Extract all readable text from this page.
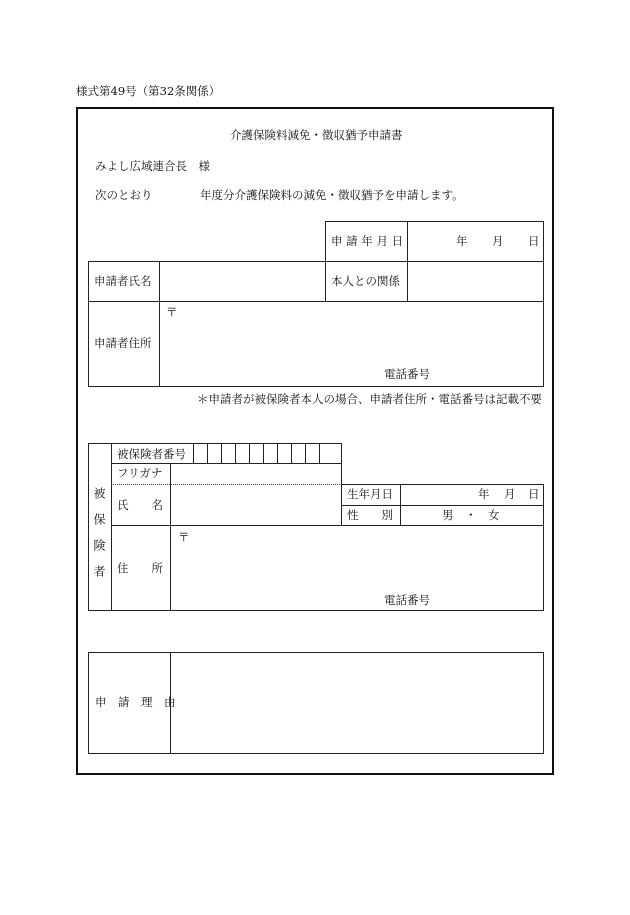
様式第49号（第32条関係）
介護保険料減免・徴収猶予申請書
みよし広域連合長　様
次のとおり	年度分介護保険料の減免・徴収猶予を申請します。
申 請 年 月 日	年 月 日
申請者氏名	本人との関係
申請者住所
〒
電話番号
＊申請者が被保険者本人の場合、申請者住所・電話番号は記載不要
被保険者
被保険者番号
フリガナ
氏　　名
生年月日	年 月 日
性　　別	男　・　女
住　　所
〒
電話番号
申　請　理　由
